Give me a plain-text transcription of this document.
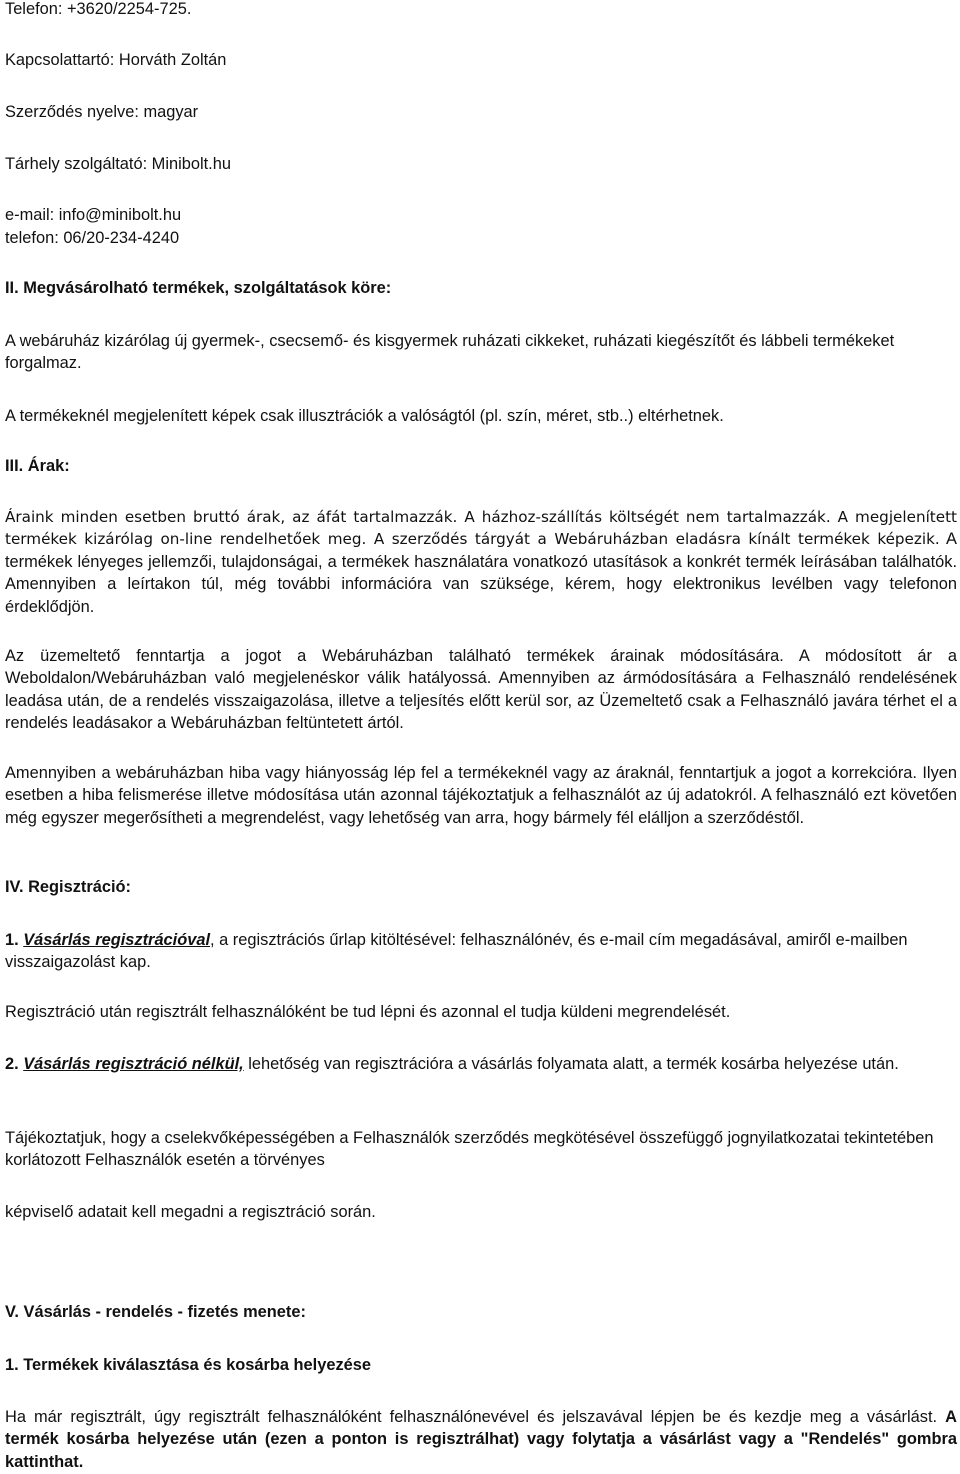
Telefon: +3620/2254-725.

Kapcsolattartó: Horváth Zoltán

Szerződés nyelve: magyar

Tárhely szolgáltató: Minibolt.hu

e-mail: info@minibolt.hu

telefon: 06/20-234-4240

II. Megvásárolható termékek, szolgáltatások köre:

A webáruház kizárólag új gyermek-, csecsemő- és kisgyermek ruházati cikkeket, ruházati kiegészítőt és lábbeli termékeket forgalmaz.

A termékeknél megjelenített képek csak illusztrációk a valóságtól (pl. szín, méret, stb..) eltérhetnek.

III. Árak:

Áraink minden esetben bruttó árak, az áfát tartalmazzák. A házhoz-szállítás költségét nem tartalmazzák. A megjelenített termékek kizárólag on-line rendelhetőek meg. A szerződés tárgyát a Webáruházban eladásra kínált termékek képezik. A termékek lényeges jellemzői, tulajdonságai, a termékek használatára vonatkozó utasítások a konkrét termék leírásában találhatók. Amennyiben a leírtakon túl, még további információra van szüksége, kérem, hogy elektronikus levélben vagy telefonon érdeklődjön.

Az üzemeltető fenntartja a jogot a Webáruházban található termékek árainak módosítására. A módosított ár a Weboldalon/Webáruházban való megjelenéskor válik hatályossá. Amennyiben az ármódosítására a Felhasználó rendelésének leadása után, de a rendelés visszaigazolása, illetve a teljesítés előtt kerül sor, az Üzemeltető csak a Felhasználó javára térhet el a rendelés leadásakor a Webáruházban feltüntetett ártól.

Amennyiben a webáruházban hiba vagy hiányosság lép fel a termékeknél vagy az áraknál, fenntartjuk a jogot a korrekcióra. Ilyen esetben a hiba felismerése illetve módosítása után azonnal tájékoztatjuk a felhasználót az új adatokról. A felhasználó ezt követően még egyszer megerősítheti a megrendelést, vagy lehetőség van arra, hogy bármely fél elálljon a szerződéstől.

IV. Regisztráció:

1. Vásárlás regisztrációval, a regisztrációs űrlap kitöltésével: felhasználónév, és e-mail cím megadásával, amiről e-mailben visszaigazolást kap.

Regisztráció után regisztrált felhasználóként be tud lépni és azonnal el tudja küldeni megrendelését.

2. Vásárlás regisztráció nélkül, lehetőség van regisztrációra a vásárlás folyamata alatt, a termék kosárba helyezése után.

Tájékoztatjuk, hogy a cselekvőképességében a Felhasználók szerződés megkötésével összefüggő jognyilatkozatai tekintetében korlátozott Felhasználók esetén a törvényes

képviselő adatait kell megadni a regisztráció során.

V. Vásárlás - rendelés - fizetés menete:

1. Termékek kiválasztása és kosárba helyezése

Ha már regisztrált, úgy regisztrált felhasználóként felhasználónevével és jelszavával lépjen be és kezdje meg a vásárlást. A termék kosárba helyezése után (ezen a ponton is regisztrálhat) vagy folytatja a vásárlást vagy a "Rendelés" gombra kattinthat.
